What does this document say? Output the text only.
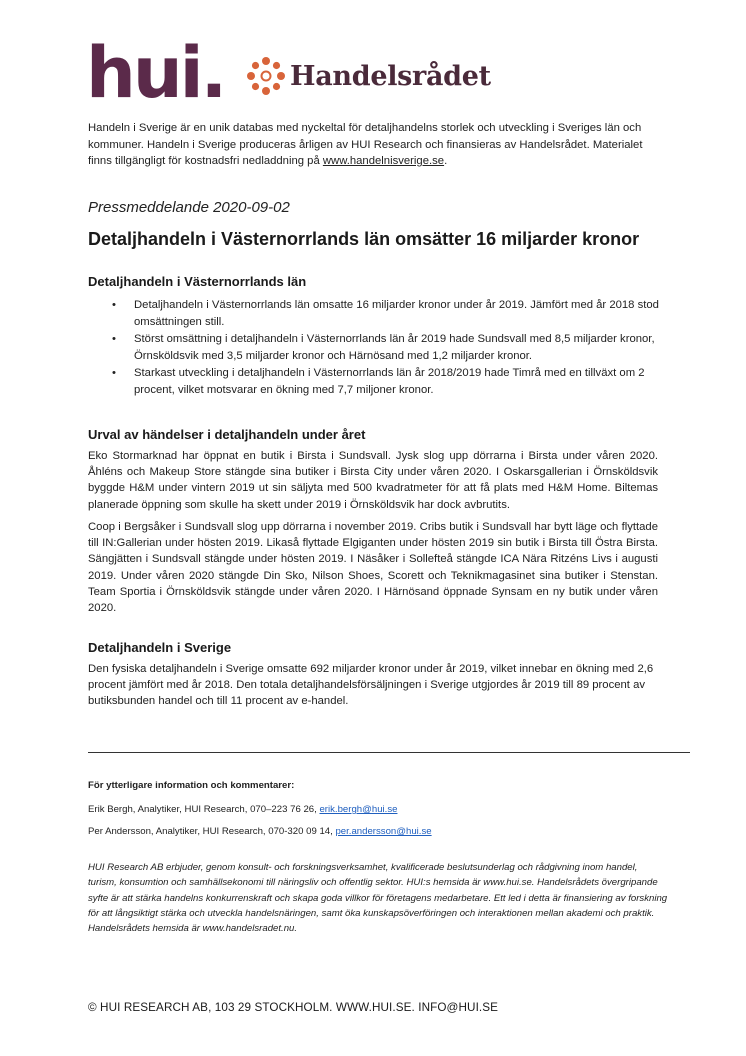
hui. Handelsrådet

Handeln i Sverige är en unik databas med nyckeltal för detaljhandelns storlek och utveckling i Sveriges län och kommuner. Handeln i Sverige produceras årligen av HUI Research och finansieras av Handelsrådet. Materialet finns tillgängligt för kostnadsfri nedladdning på www.handelnisverige.se.

Pressmeddelande 2020-09-02
Detaljhandeln i Västernorrlands län omsätter 16 miljarder kronor
Detaljhandeln i Västernorrlands län
• Detaljhandeln i Västernorrlands län omsatte 16 miljarder kronor under år 2019. Jämfört med år 2018 stod omsättningen still.
• Störst omsättning i detaljhandeln i Västernorrlands län år 2019 hade Sundsvall med 8,5 miljarder kronor, Örnsköldsvik med 3,5 miljarder kronor och Härnösand med 1,2 miljarder kronor.
• Starkast utveckling i detaljhandeln i Västernorrlands län år 2018/2019 hade Timrå med en tillväxt om 2 procent, vilket motsvarar en ökning med 7,7 miljoner kronor.
Urval av händelser i detaljhandeln under året

Eko Stormarknad har öppnat en butik i Birsta i Sundsvall. Jysk slog upp dörrarna i Birsta under våren 2020. Åhléns och Makeup Store stängde sina butiker i Birsta City under våren 2020. I Oskarsgallerian i Örnsköldsvik byggde H&M under vintern 2019 ut sin säljyta med 500 kvadratmeter för att få plats med H&M Home. Biltemas planerade öppning som skulle ha skett under 2019 i Örnsköldsvik har dock avbrutits.

Coop i Bergsåker i Sundsvall slog upp dörrarna i november 2019. Cribs butik i Sundsvall har bytt läge och flyttade till IN:Gallerian under hösten 2019. Likaså flyttade Elgiganten under hösten 2019 sin butik i Birsta till Östra Birsta. Sängjätten i Sundsvall stängde under hösten 2019. I Näsåker i Sollefteå stängde ICA Nära Ritzéns Livs i augusti 2019. Under våren 2020 stängde Din Sko, Nilson Shoes, Scorett och Teknikmagasinet sina butiker i Stenstan. Team Sportia i Örnsköldsvik stängde under våren 2020. I Härnösand öppnade Synsam en ny butik under våren 2020.

Detaljhandeln i Sverige

Den fysiska detaljhandeln i Sverige omsatte 692 miljarder kronor under år 2019, vilket innebar en ökning med 2,6 procent jämfört med år 2018. Den totala detaljhandelsförsäljningen i Sverige utgjordes år 2019 till 89 procent av butiksbunden handel och till 11 procent av e-handel.

För ytterligare information och kommentarer:
Erik Bergh, Analytiker, HUI Research, 070–223 76 26, erik.bergh@hui.se
Per Andersson, Analytiker, HUI Research, 070-320 09 14, per.andersson@hui.se

HUI Research AB erbjuder, genom konsult- och forskningsverksamhet, kvalificerade beslutsunderlag och rådgivning inom handel, turism, konsumtion och samhällsekonomi till näringsliv och offentlig sektor. HUI:s hemsida är www.hui.se. Handelsrådets övergripande syfte är att stärka handelns konkurrenskraft och skapa goda villkor för företagens medarbetare. Ett led i detta är finansiering av forskning för att långsiktigt stärka och utveckla handelsnäringen, samt öka kunskapsöverföringen och interaktionen mellan akademi och praktik. Handelsrådets hemsida är www.handelsradet.nu.

© HUI RESEARCH AB, 103 29 STOCKHOLM. WWW.HUI.SE. INFO@HUI.SE
